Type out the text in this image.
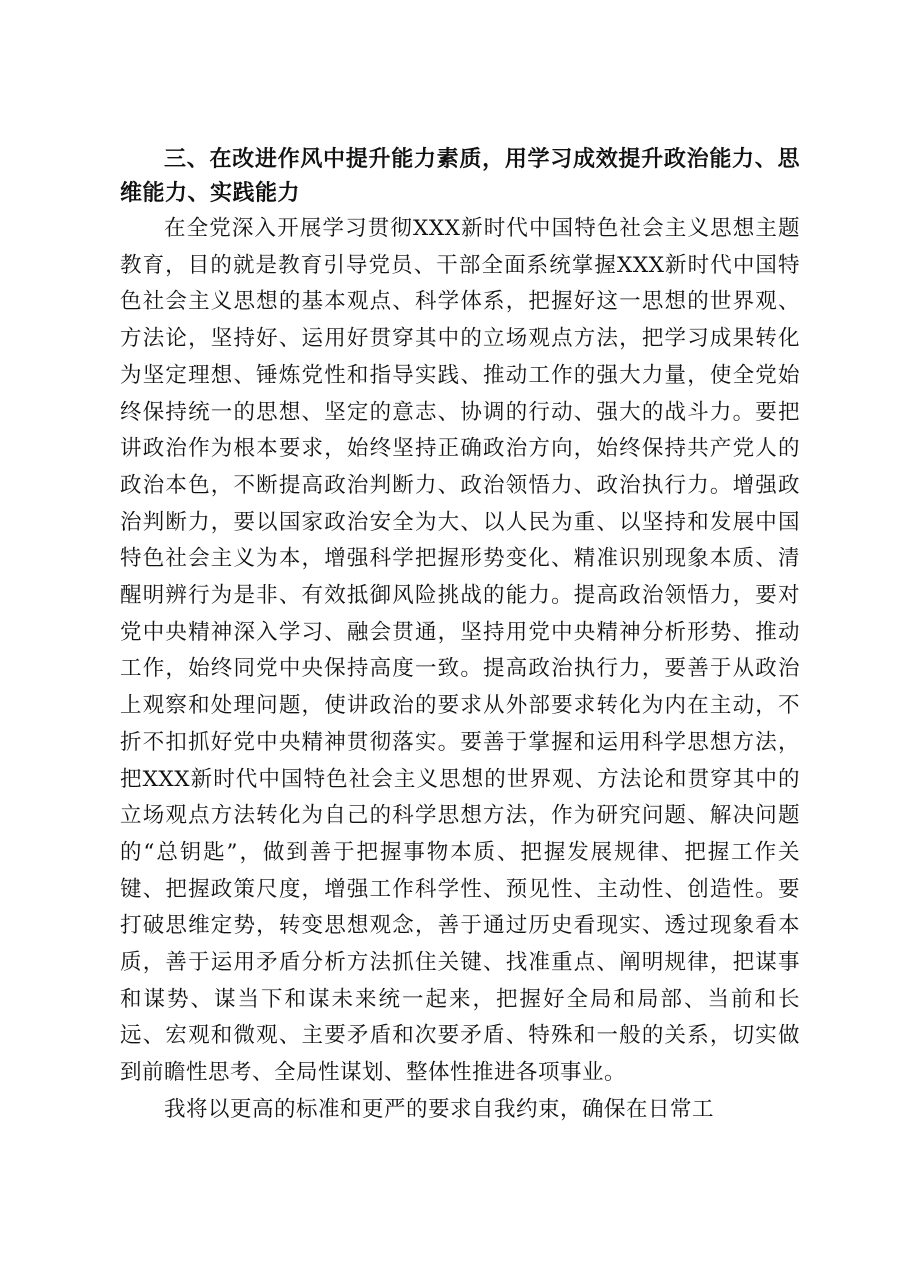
三、在改进作风中提升能力素质，用学习成效提升政治能力、思维能力、实践能力

在全党深入开展学习贯彻XXX新时代中国特色社会主义思想主题教育，目的就是教育引导党员、干部全面系统掌握XXX新时代中国特色社会主义思想的基本观点、科学体系，把握好这一思想的世界观、方法论，坚持好、运用好贯穿其中的立场观点方法，把学习成果转化为坚定理想、锤炼党性和指导实践、推动工作的强大力量，使全党始终保持统一的思想、坚定的意志、协调的行动、强大的战斗力。要把讲政治作为根本要求，始终坚持正确政治方向，始终保持共产党人的政治本色，不断提高政治判断力、政治领悟力、政治执行力。增强政治判断力，要以国家政治安全为大、以人民为重、以坚持和发展中国特色社会主义为本，增强科学把握形势变化、精准识别现象本质、清醒明辨行为是非、有效抵御风险挑战的能力。提高政治领悟力，要对党中央精神深入学习、融会贯通，坚持用党中央精神分析形势、推动工作，始终同党中央保持高度一致。提高政治执行力，要善于从政治上观察和处理问题，使讲政治的要求从外部要求转化为内在主动，不折不扣抓好党中央精神贯彻落实。要善于掌握和运用科学思想方法，把XXX新时代中国特色社会主义思想的世界观、方法论和贯穿其中的立场观点方法转化为自己的科学思想方法，作为研究问题、解决问题的“总钥匙”，做到善于把握事物本质、把握发展规律、把握工作关键、把握政策尺度，增强工作科学性、预见性、主动性、创造性。要打破思维定势，转变思想观念，善于通过历史看现实、透过现象看本质，善于运用矛盾分析方法抓住关键、找准重点、阐明规律，把谋事和谋势、谋当下和谋未来统一起来，把握好全局和局部、当前和长远、宏观和微观、主要矛盾和次要矛盾、特殊和一般的关系，切实做到前瞻性思考、全局性谋划、整体性推进各项事业。

我将以更高的标准和更严的要求自我约束，确保在日常工
